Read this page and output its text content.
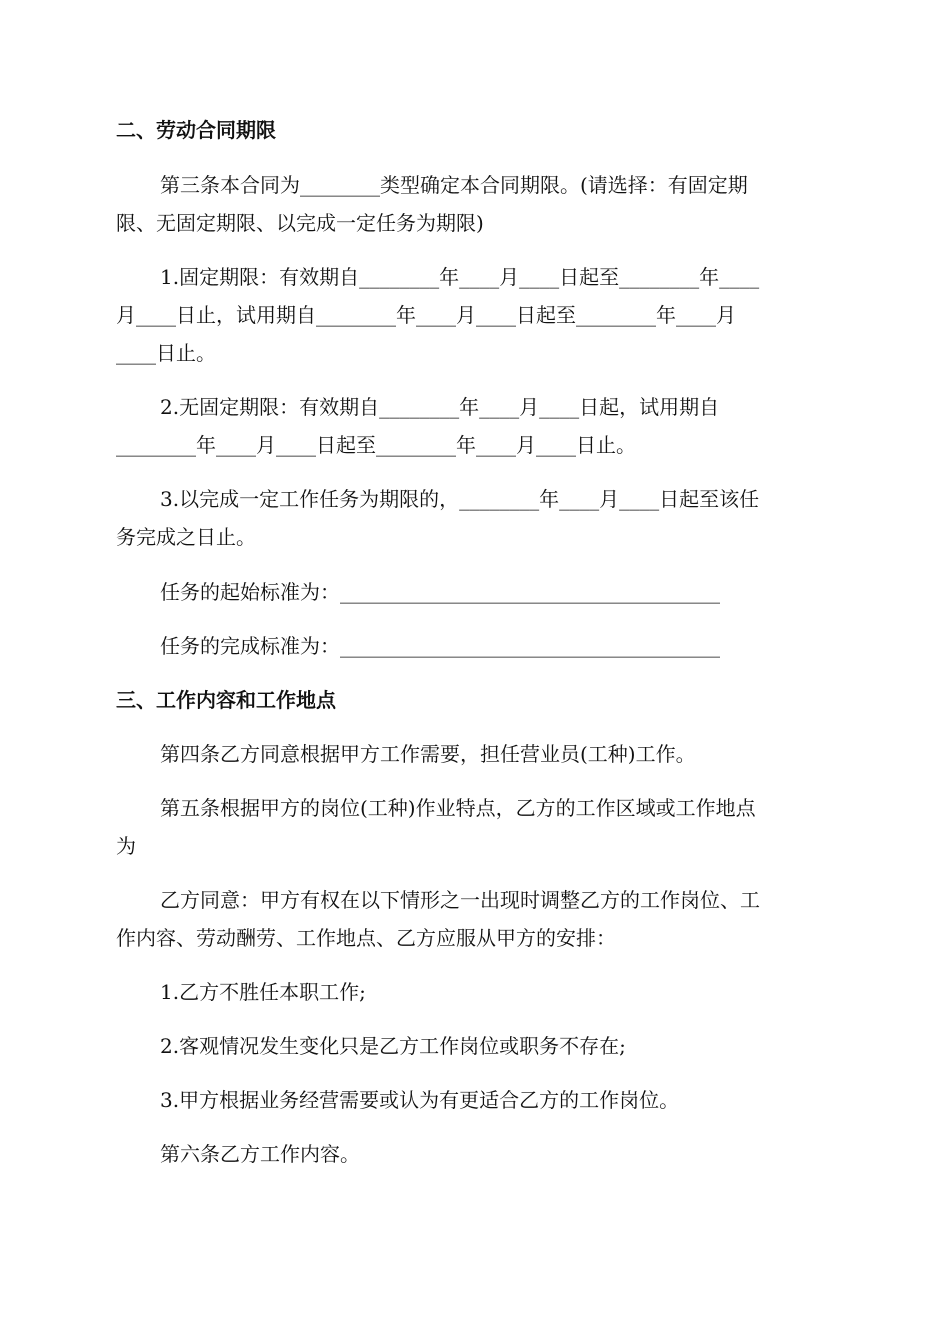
二、劳动合同期限
第三条本合同为________类型确定本合同期限。(请选择：有固定期
限、无固定期限、以完成一定任务为期限)
1.固定期限：有效期自________年____月____日起至________年____
月____日止，试用期自________年____月____日起至________年____月
____日止。
2.无固定期限：有效期自________年____月____日起，试用期自
________年____月____日起至________年____月____日止。
3.以完成一定工作任务为期限的，________年____月____日起至该任
务完成之日止。
任务的起始标准为：______________________________________
任务的完成标准为：______________________________________
三、工作内容和工作地点
第四条乙方同意根据甲方工作需要，担任营业员(工种)工作。
第五条根据甲方的岗位(工种)作业特点，乙方的工作区域或工作地点
为
乙方同意：甲方有权在以下情形之一出现时调整乙方的工作岗位、工
作内容、劳动酬劳、工作地点、乙方应服从甲方的安排：
1.乙方不胜任本职工作;
2.客观情况发生变化只是乙方工作岗位或职务不存在;
3.甲方根据业务经营需要或认为有更适合乙方的工作岗位。
第六条乙方工作内容。
